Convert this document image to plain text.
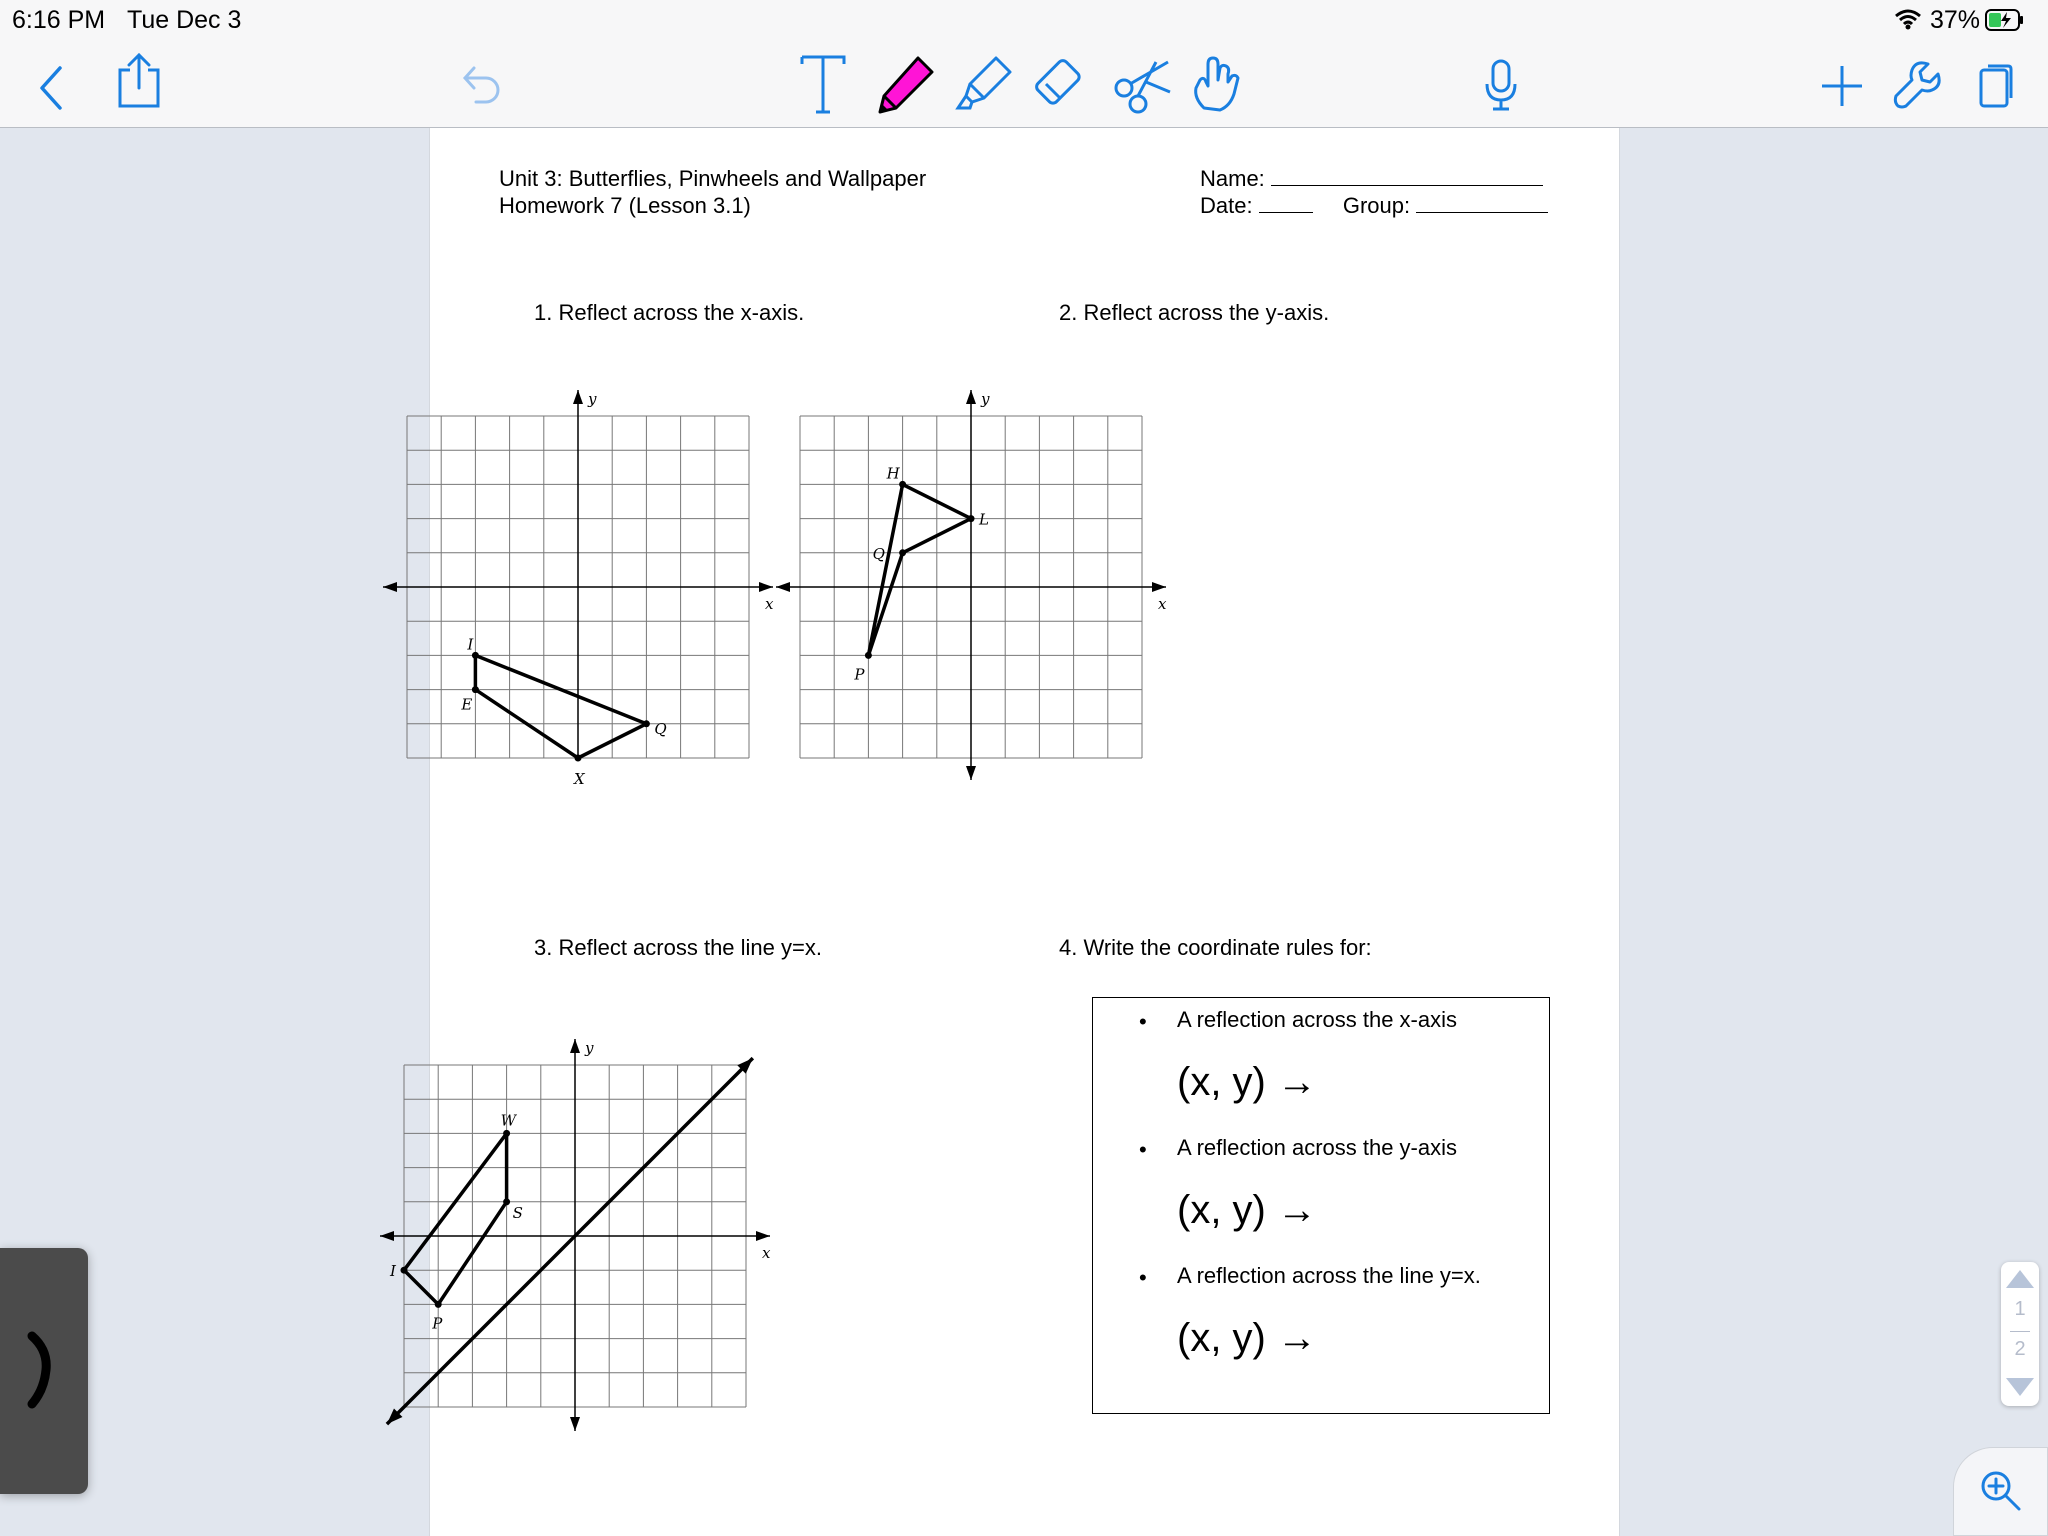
6:16 PM Tue Dec 3	37%
Unit 3: Butterflies, Pinwheels and Wallpaper
Homework 7 (Lesson 3.1)
Name:
Date:	Group:
1. Reflect across the x-axis.	2. Reflect across the y-axis.
3. Reflect across the line y=x.	4. Write the coordinate rules for:
x
y
I
E
X
Q
x
y
H
L
Q
P
x
y
W
S
P
I
• A reflection across the x-axis
(x, y) →
• A reflection across the y-axis
(x, y) →
• A reflection across the line y=x.
(x, y) →
1
2
